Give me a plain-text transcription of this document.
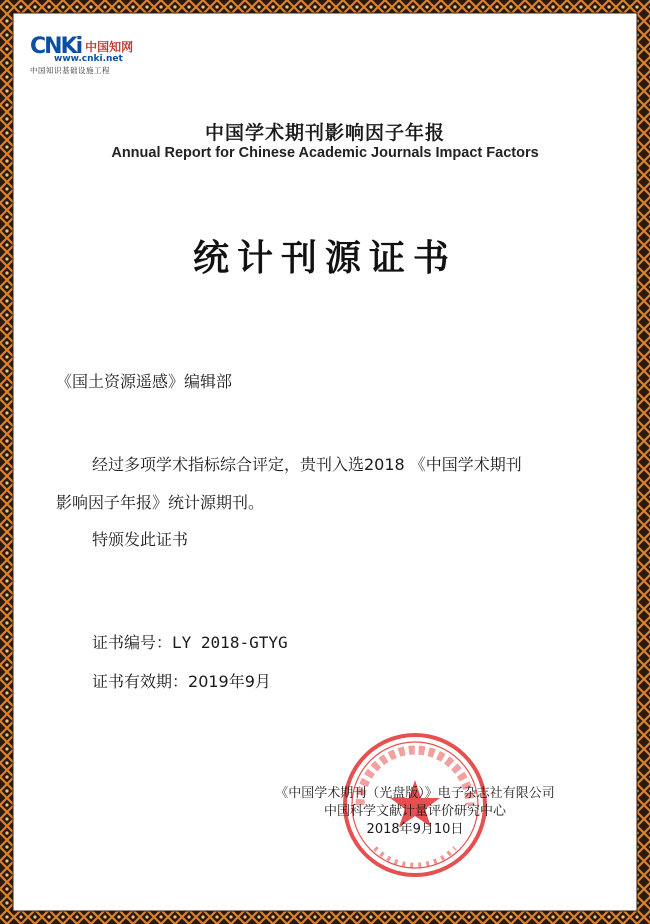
CNKi 中国知网
www.cnki.net
中国知识基础设施工程
中国学术期刊影响因子年报
Annual Report for Chinese Academic Journals Impact Factors
统计刊源证书
《国土资源遥感》编辑部
经过多项学术指标综合评定，贵刊入选2018 《中国学术期刊
影响因子年报》统计源期刊。
特颁发此证书
证书编号：LY 2018-GTYG
证书有效期：2019年9月
《中国学术期刊（光盘版）》电子杂志社有限公司
中国科学文献计量评价研究中心
2018年9月10日
